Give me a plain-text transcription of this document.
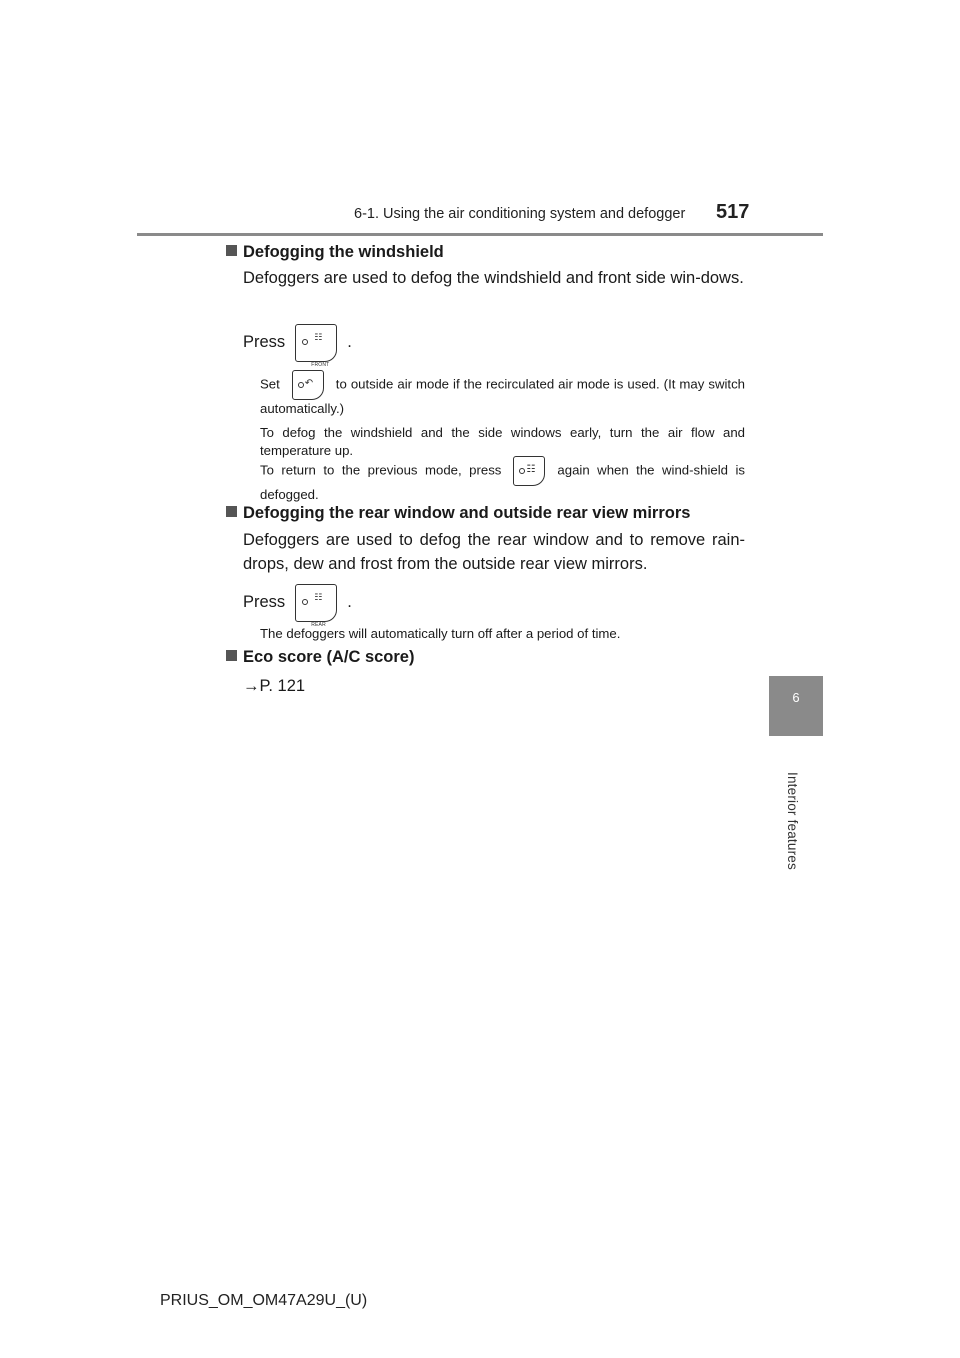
6-1. Using the air conditioning system and defogger 517
6
Interior features
Defogging the windshield
Defoggers are used to defog the windshield and front side win-dows.
Press	☷
FRONT
.
Set	↶ to outside air mode if the recirculated air mode is used. (It may switch automatically.)
To defog the windshield and the side windows early, turn the air flow and temperature up.
To return to the previous mode, press	☷ again when the wind-shield is defogged.
Defogging the rear window and outside rear view mirrors
Defoggers are used to defog the rear window and to remove rain-drops, dew and frost from the outside rear view mirrors.
Press	☷
REAR
.
The defoggers will automatically turn off after a period of time.
Eco score (A/C score)
→P. 121
PRIUS_OM_OM47A29U_(U)
